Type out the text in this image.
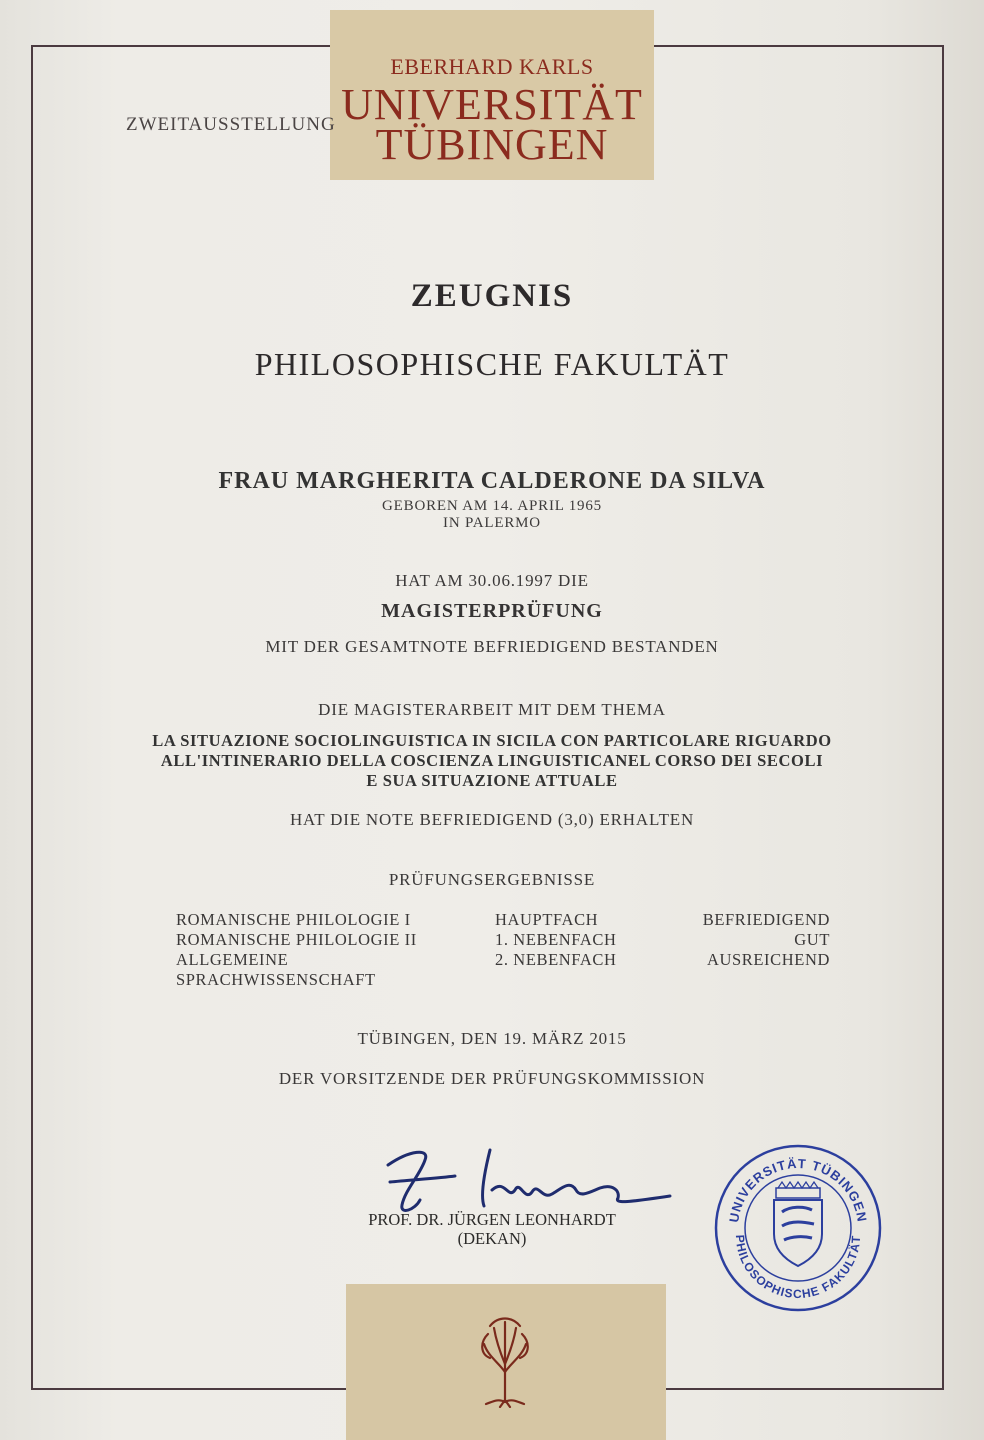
EBERHARD KARLS
UNIVERSITÄT
TÜBINGEN
ZWEITAUSSTELLUNG
ZEUGNIS
PHILOSOPHISCHE FAKULTÄT
FRAU MARGHERITA CALDERONE DA SILVA
GEBOREN AM 14. APRIL 1965
IN PALERMO
HAT AM 30.06.1997 DIE
MAGISTERPRÜFUNG
MIT DER GESAMTNOTE BEFRIEDIGEND BESTANDEN
DIE MAGISTERARBEIT MIT DEM THEMA
LA SITUAZIONE SOCIOLINGUISTICA IN SICILA CON PARTICOLARE RIGUARDO
ALL'INTINERARIO DELLA COSCIENZA LINGUISTICANEL CORSO DEI SECOLI
E SUA SITUAZIONE ATTUALE
HAT DIE NOTE BEFRIEDIGEND (3,0) ERHALTEN
PRÜFUNGSERGEBNISSE
ROMANISCHE PHILOLOGIE I	HAUPTFACH	BEFRIEDIGEND
ROMANISCHE PHILOLOGIE II	1. NEBENFACH	GUT
ALLGEMEINE	2. NEBENFACH	AUSREICHEND
SPRACHWISSENSCHAFT
TÜBINGEN, DEN 19. MÄRZ 2015
DER VORSITZENDE DER PRÜFUNGSKOMMISSION
PROF. DR. JÜRGEN LEONHARDT
(DEKAN)
UNIVERSITÄT TÜBINGEN
PHILOSOPHISCHE FAKULTÄT
